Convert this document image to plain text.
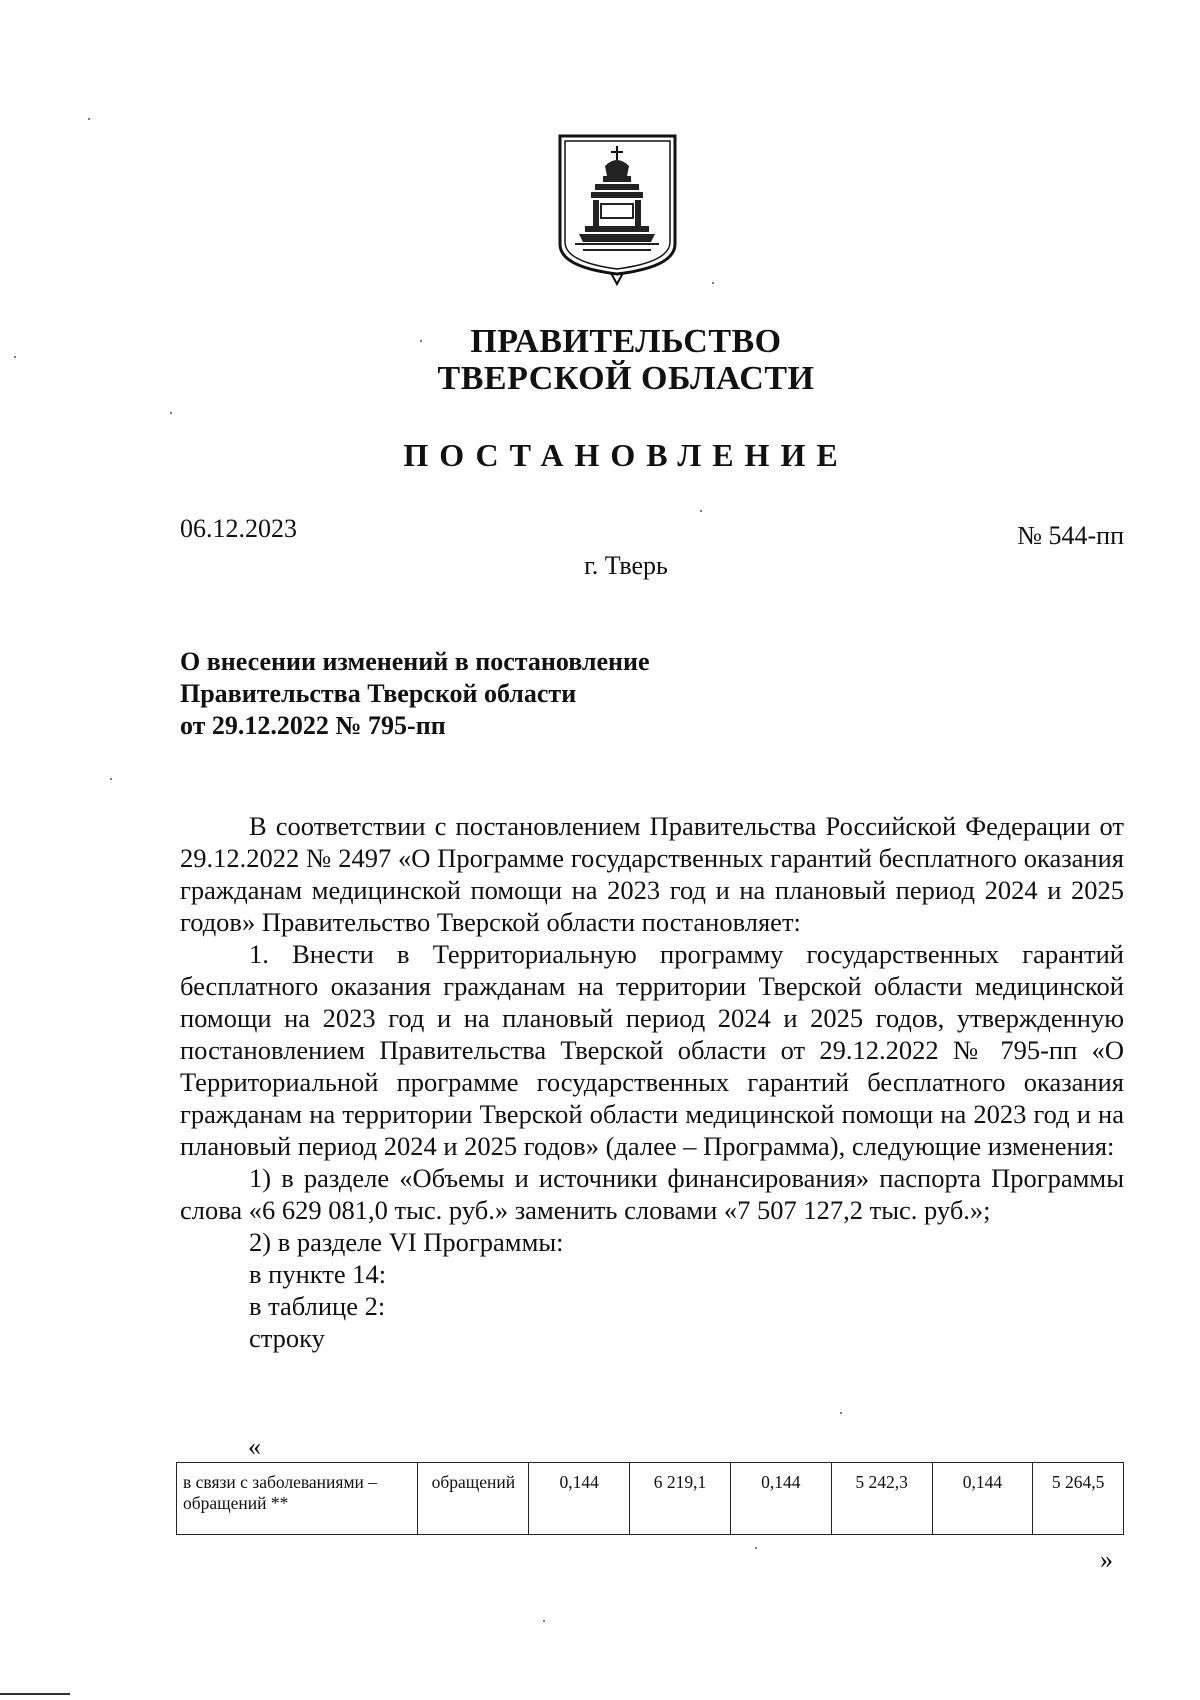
ПРАВИТЕЛЬСТВО
ТВЕРСКОЙ ОБЛАСТИ
ПОСТАНОВЛЕНИЕ
06.12.2023	№ 544-пп
г. Тверь
О внесении изменений в постановление
Правительства Тверской области
от 29.12.2022 № 795-пп

В соответствии с постановлением Правительства Российской Федерации от 29.12.2022 № 2497 «О Программе государственных гарантий бесплатного оказания гражданам медицинской помощи на 2023 год и на плановый период 2024 и 2025 годов» Правительство Тверской области постановляет:

1. Внести в Территориальную программу государственных гарантий бесплатного оказания гражданам на территории Тверской области медицинской помощи на 2023 год и на плановый период 2024 и 2025 годов, утвержденную постановлением Правительства Тверской области от 29.12.2022 № 795-пп «О Территориальной программе государственных гарантий бесплатного оказания гражданам на территории Тверской области медицинской помощи на 2023 год и на плановый период 2024 и 2025 годов» (далее – Программа), следующие изменения:

1) в разделе «Объемы и источники финансирования» паспорта Программы слова «6 629 081,0 тыс. руб.» заменить словами «7 507 127,2 тыс. руб.»;

2) в разделе VI Программы:

в пункте 14:

в таблице 2:

строку

«
в связи с заболеваниями – обращений **	обращений	0,144	6 219,1	0,144	5 242,3	0,144	5 264,5
»
